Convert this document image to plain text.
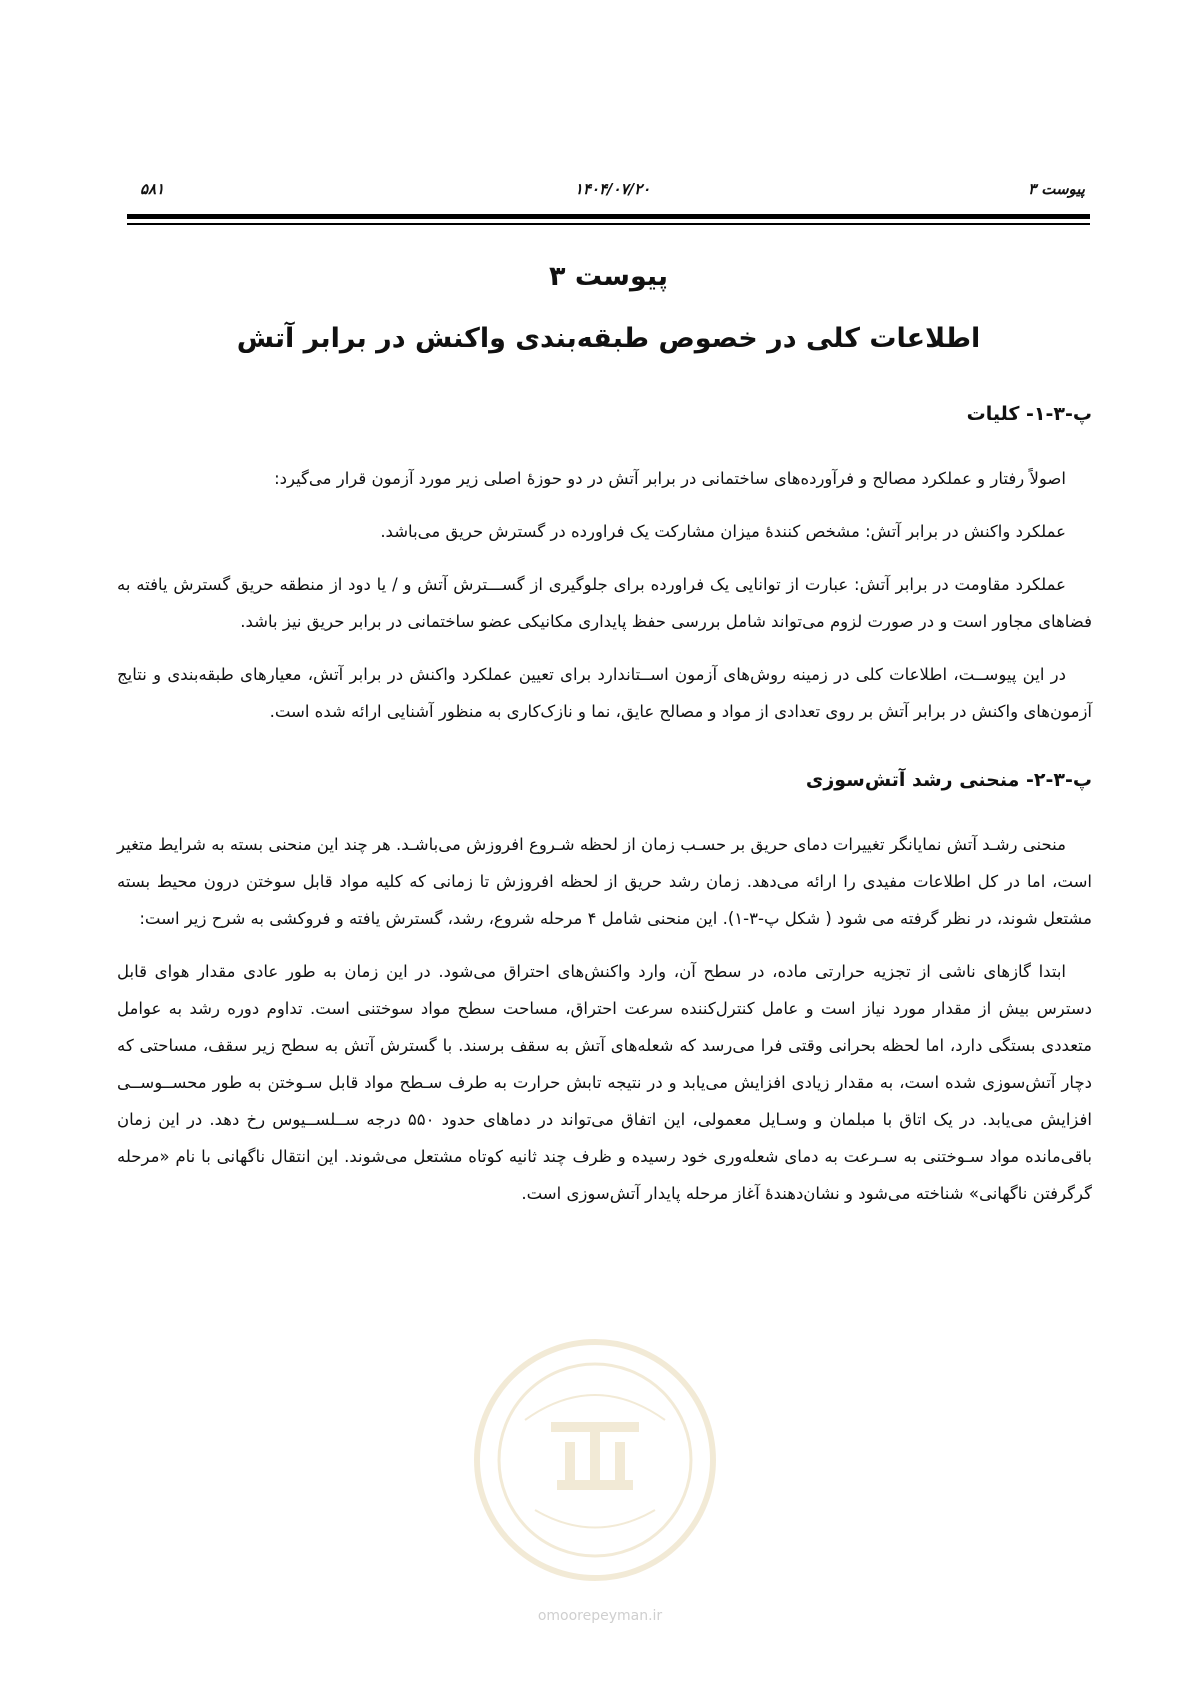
پیوست ۳
۱۴۰۴/۰۷/۲۰
۵۸۱
پیوست ۳
اطلاعات کلی در خصوص طبقه‌بندی واکنش در برابر آتش
پ-۳-۱- کلیات

اصولاً رفتار و عملکرد مصالح و فرآورده‌های ساختمانی در برابر آتش در دو حوزۀ اصلی زیر مورد آزمون قرار می‌گیرد:

عملکرد واکنش در برابر آتش: مشخص کنندۀ میزان مشارکت یک فراورده در گسترش حریق می‌باشد.

عملکرد مقاومت در برابر آتش: عبارت از توانایی یک فراورده برای جلوگیری از گســـترش آتش و / یا دود از منطقه حریق گسترش یافته به فضاهای مجاور است و در صورت لزوم می‌تواند شامل بررسی حفظ پایداری مکانیکی عضو ساختمانی در برابر حریق نیز باشد.

در این پیوســت، اطلاعات کلی در زمینه روش‌های آزمون اســتاندارد برای تعیین عملکرد واکنش در برابر آتش، معیارهای طبقه‌بندی و نتایج آزمون‌های واکنش در برابر آتش بر روی تعدادی از مواد و مصالح عایق، نما و نازک‌کاری به منظور آشنایی ارائه شده است.

پ-۳-۲- منحنی رشد آتش‌سوزی

منحنی رشـد آتش نمایانگر تغییرات دمای حریق بر حسـب زمان از لحظه شـروع افروزش می‌باشـد. هر چند این منحنی بسته به شرایط متغیر است، اما در کل اطلاعات مفیدی را ارائه می‌دهد. زمان رشد حریق از لحظه افروزش تا زمانی که کلیه مواد قابل سوختن درون محیط بسته مشتعل شوند، در نظر گرفته می شود ( شکل پ-۳-۱). این منحنی شامل ۴ مرحله شروع، رشد، گسترش یافته و فروکشی به شرح زیر است:

ابتدا گازهای ناشی از تجزیه حرارتی ماده، در سطح آن، وارد واکنش‌های احتراق می‌شود. در این زمان به طور عادی مقدار هوای قابل دسترس بیش از مقدار مورد نیاز است و عامل کنترل‌کننده سرعت احتراق، مساحت سطح مواد سوختنی است. تداوم دوره رشد به عوامل متعددی بستگی دارد، اما لحظه بحرانی وقتی فرا می‌رسد که شعله‌های آتش به سقف برسند. با گسترش آتش به سطح زیر سقف، مساحتی که دچار آتش‌سوزی شده است، به مقدار زیادی افزایش می‌یابد و در نتیجه تابش حرارت به طرف سـطح مواد قابل سـوختن به طور محســوســی افزایش می‌یابد. در یک اتاق با مبلمان و وسـایل معمولی، این اتفاق می‌تواند در دماهای حدود ۵۵۰ درجه ســلســیوس رخ دهد. در این زمان باقی‌مانده مواد سـوختنی به سـرعت به دمای شعله‌وری خود رسیده و ظرف چند ثانیه کوتاه مشتعل می‌شوند. این انتقال ناگهانی با نام «مرحله گرگرفتن ناگهانی» شناخته می‌شود و نشان‌دهندۀ آغاز مرحله پایدار آتش‌سوزی است.

omoorepeyman.ir
